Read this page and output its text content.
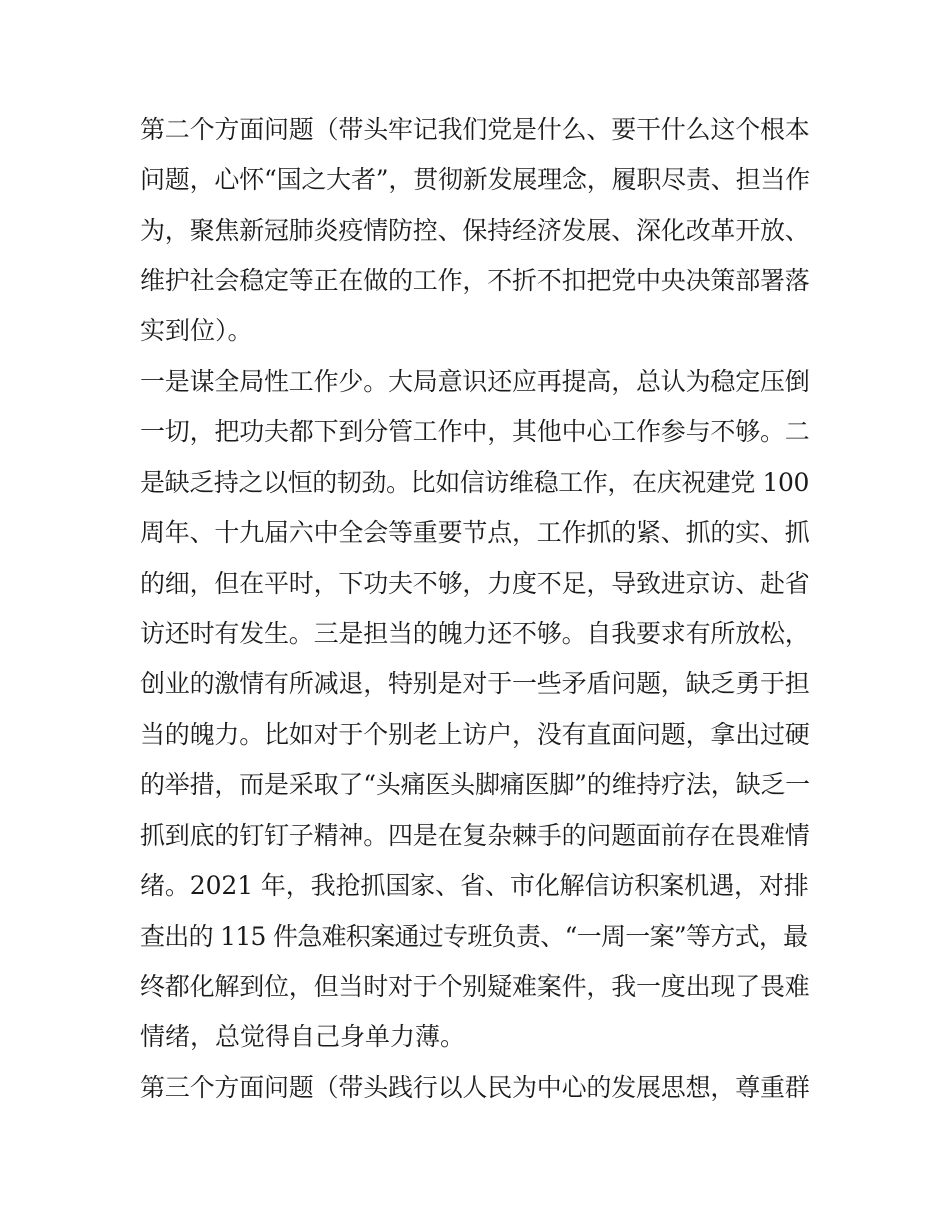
第二个方面问题（带头牢记我们党是什么、要干什么这个根本
问题，心怀“国之大者”，贯彻新发展理念，履职尽责、担当作
为，聚焦新冠肺炎疫情防控、保持经济发展、深化改革开放、
维护社会稳定等正在做的工作，不折不扣把党中央决策部署落
实到位）。
一是谋全局性工作少。大局意识还应再提高，总认为稳定压倒
一切，把功夫都下到分管工作中，其他中心工作参与不够。二
是缺乏持之以恒的韧劲。比如信访维稳工作，在庆祝建党 100
周年、十九届六中全会等重要节点，工作抓的紧、抓的实、抓
的细，但在平时，下功夫不够，力度不足，导致进京访、赴省
访还时有发生。三是担当的魄力还不够。自我要求有所放松，
创业的激情有所减退，特别是对于一些矛盾问题，缺乏勇于担
当的魄力。比如对于个别老上访户，没有直面问题，拿出过硬
的举措，而是采取了“头痛医头脚痛医脚”的维持疗法，缺乏一
抓到底的钉钉子精神。四是在复杂棘手的问题面前存在畏难情
绪。2021 年，我抢抓国家、省、市化解信访积案机遇，对排
查出的 115 件急难积案通过专班负责、“一周一案”等方式，最
终都化解到位，但当时对于个别疑难案件，我一度出现了畏难
情绪，总觉得自己身单力薄。
第三个方面问题（带头践行以人民为中心的发展思想，尊重群
